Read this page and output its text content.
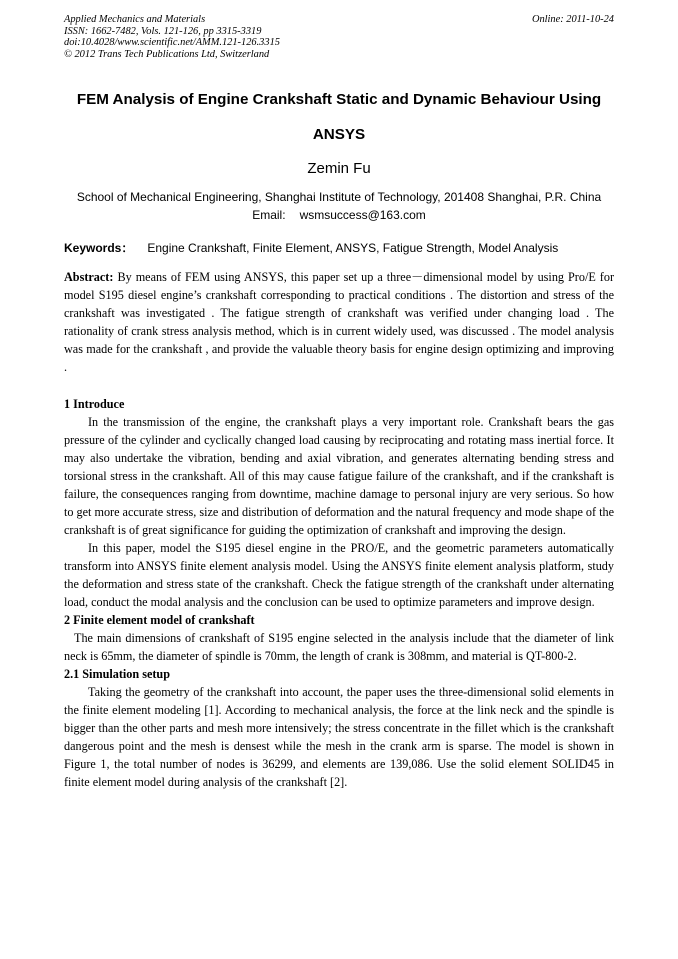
Applied Mechanics and Materials	Online: 2011-10-24
ISSN: 1662-7482, Vols. 121-126, pp 3315-3319
doi:10.4028/www.scientific.net/AMM.121-126.3315
© 2012 Trans Tech Publications Ltd, Switzerland
FEM Analysis of Engine Crankshaft Static and Dynamic Behaviour Using
ANSYS
Zemin Fu
School of Mechanical Engineering, Shanghai Institute of Technology, 201408 Shanghai, P.R. China
Email: wsmsuccess@163.com
Keywords： Engine Crankshaft, Finite Element, ANSYS, Fatigue Strength, Model Analysis

Abstract: By means of FEM using ANSYS, this paper set up a three－dimensional model by using Pro/E for model S195 diesel engine’s crankshaft corresponding to practical conditions . The distortion and stress of the crankshaft was investigated . The fatigue strength of crankshaft was verified under changing load . The rationality of crank stress analysis method, which is in current widely used, was discussed . The model analysis was made for the crankshaft , and provide the valuable theory basis for engine design optimizing and improving .

1 Introduce

In the transmission of the engine, the crankshaft plays a very important role. Crankshaft bears the gas pressure of the cylinder and cyclically changed load causing by reciprocating and rotating mass inertial force. It may also undertake the vibration, bending and axial vibration, and generates alternating bending stress and torsional stress in the crankshaft. All of this may cause fatigue failure of the crankshaft, and if the crankshaft is failure, the consequences ranging from downtime, machine damage to personal injury are very serious. So how to get more accurate stress, size and distribution of deformation and the natural frequency and mode shape of the crankshaft is of great significance for guiding the optimization of crankshaft and improving the design.

In this paper, model the S195 diesel engine in the PRO/E, and the geometric parameters automatically transform into ANSYS finite element analysis model. Using the ANSYS finite element analysis platform, study the deformation and stress state of the crankshaft. Check the fatigue strength of the crankshaft under alternating load, conduct the modal analysis and the conclusion can be used to optimize parameters and improve design.

2 Finite element model of crankshaft

The main dimensions of crankshaft of S195 engine selected in the analysis include that the diameter of link neck is 65mm, the diameter of spindle is 70mm, the length of crank is 308mm, and material is QT-800-2.

2.1 Simulation setup

Taking the geometry of the crankshaft into account, the paper uses the three-dimensional solid elements in the finite element modeling [1]. According to mechanical analysis, the force at the link neck and the spindle is bigger than the other parts and mesh more intensively; the stress concentrate in the fillet which is the crankshaft dangerous point and the mesh is densest while the mesh in the crank arm is sparse. The model is shown in Figure 1, the total number of nodes is 36299, and elements are 139,086. Use the solid element SOLID45 in finite element model during analysis of the crankshaft [2].
